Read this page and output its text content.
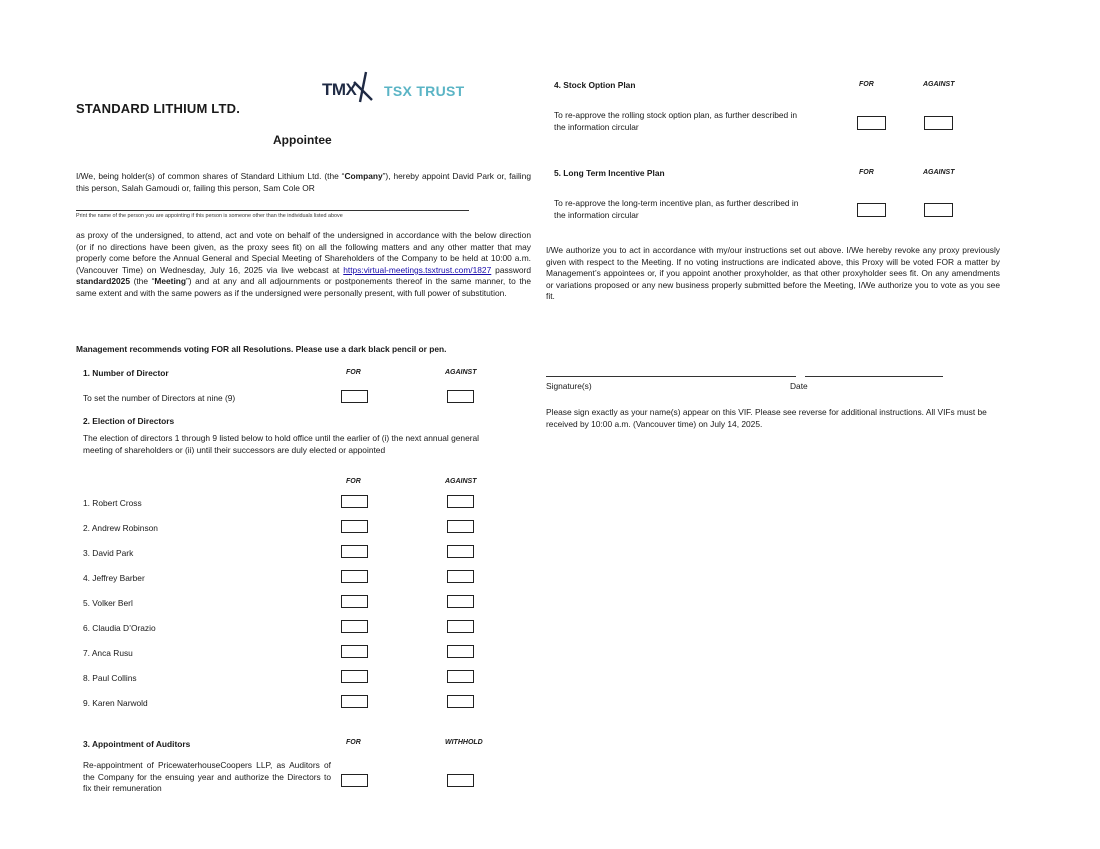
STANDARD LITHIUM LTD.
TMX TSX TRUST
Appointee
I/We, being holder(s) of common shares of Standard Lithium Ltd. (the “Company”), hereby appoint David Park or, failing this person, Salah Gamoudi or, failing this person, Sam Cole OR
Print the name of the person you are appointing if this person is someone other than the individuals listed above
as proxy of the undersigned, to attend, act and vote on behalf of the undersigned in accordance with the below direction (or if no directions have been given, as the proxy sees fit) on all the following matters and any other matter that may properly come before the Annual General and Special Meeting of Shareholders of the Company to be held at 10:00 a.m. (Vancouver Time) on Wednesday, July 16, 2025 via live webcast at https:virtual-meetings.tsxtrust.com/1827 password standard2025 (the “Meeting”) and at any and all adjournments or postponements thereof in the same manner, to the same extent and with the same powers as if the undersigned were personally present, with full power of substitution.
Management recommends voting FOR all Resolutions. Please use a dark black pencil or pen.
1. Number of Director	FOR	AGAINST
To set the number of Directors at nine (9)
2. Election of Directors
The election of directors 1 through 9 listed below to hold office until the earlier of (i) the next annual general meeting of shareholders or (ii) until their successors are duly elected or appointed
FOR	AGAINST
1. Robert Cross
2. Andrew Robinson
3. David Park
4. Jeffrey Barber
5. Volker Berl
6. Claudia D’Orazio
7. Anca Rusu
8. Paul Collins
9. Karen Narwold
3. Appointment of Auditors	FOR	WITHHOLD
Re-appointment of PricewaterhouseCoopers LLP, as Auditors of the Company for the ensuing year and authorize the Directors to fix their remuneration
4. Stock Option Plan	FOR	AGAINST
To re-approve the rolling stock option plan, as further described in the information circular
5. Long Term Incentive Plan	FOR	AGAINST
To re-approve the long-term incentive plan, as further described in the information circular
I/We authorize you to act in accordance with my/our instructions set out above. I/We hereby revoke any proxy previously given with respect to the Meeting. If no voting instructions are indicated above, this Proxy will be voted FOR a matter by Management’s appointees or, if you appoint another proxyholder, as that other proxyholder sees fit. On any amendments or variations proposed or any new business properly submitted before the Meeting, I/We authorize you to vote as you see fit.
Signature(s)	Date
Please sign exactly as your name(s) appear on this VIF. Please see reverse for additional instructions. All VIFs must be received by 10:00 a.m. (Vancouver time) on July 14, 2025.
